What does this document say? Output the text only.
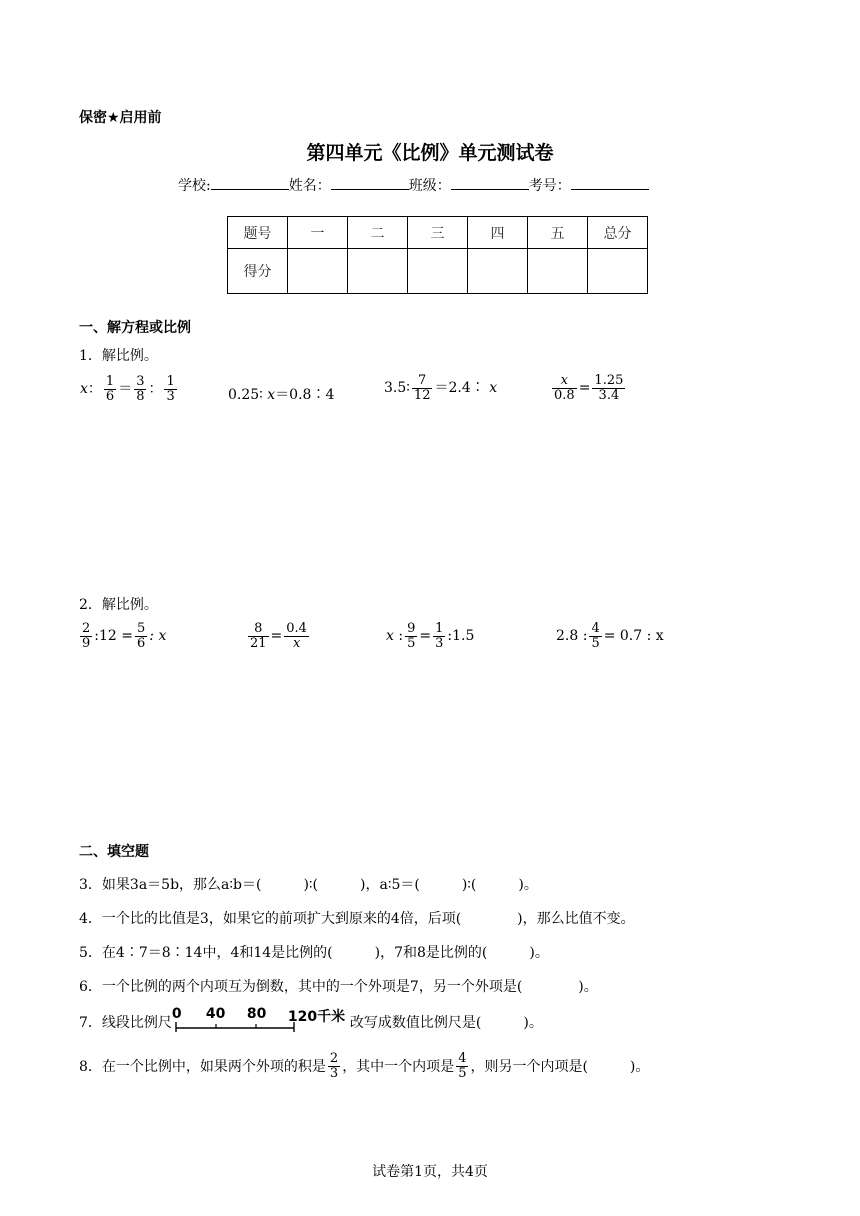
保密★启用前
第四单元《比例》单元测试卷
学校:	姓名：	班级：	考号：
题号	一	二	三	四	五	总分
得分						
一、解方程或比例
1．解比例。
x： $\frac{1}{6} = \frac{3}{8}$ ： $\frac{1}{3}$	0.25∶ x＝0.8∶4	3.5∶ $\frac{7}{12}$ ＝2.4∶ x	$\frac{x}{0.8} = \frac{1.25}{3.4}$
2．解比例。
$\frac{2}{9}$ :12 = $\frac{5}{6}$ : x	$\frac{8}{21} = \frac{0.4}{x}$	x : $\frac{9}{5} = \frac{1}{3}$ :1.5	2.8 : $\frac{4}{5} = 0.7$ : x
二、填空题
3．如果3a＝5b，那么a∶b＝(　　　)∶(　　　)，a∶5＝(　　　)∶(　　　)。
4．一个比的比值是3，如果它的前项扩大到原来的4倍，后项(　　　　)，那么比值不变。
5．在4∶7＝8∶14中，4和14是比例的(　　　)，7和8是比例的(　　　)。
6．一个比例的两个内项互为倒数，其中的一个外项是7，另一个外项是(　　　　)。
7．线段比例尺
0 40 80 120千米 改写成数值比例尺是(　　　)。
8．在一个比例中，如果两个外项的积是 $\frac{2}{3}$ ，其中一个内项是 $\frac{4}{5}$ ，则另一个内项是(　　　)。
试卷第1页，共4页
